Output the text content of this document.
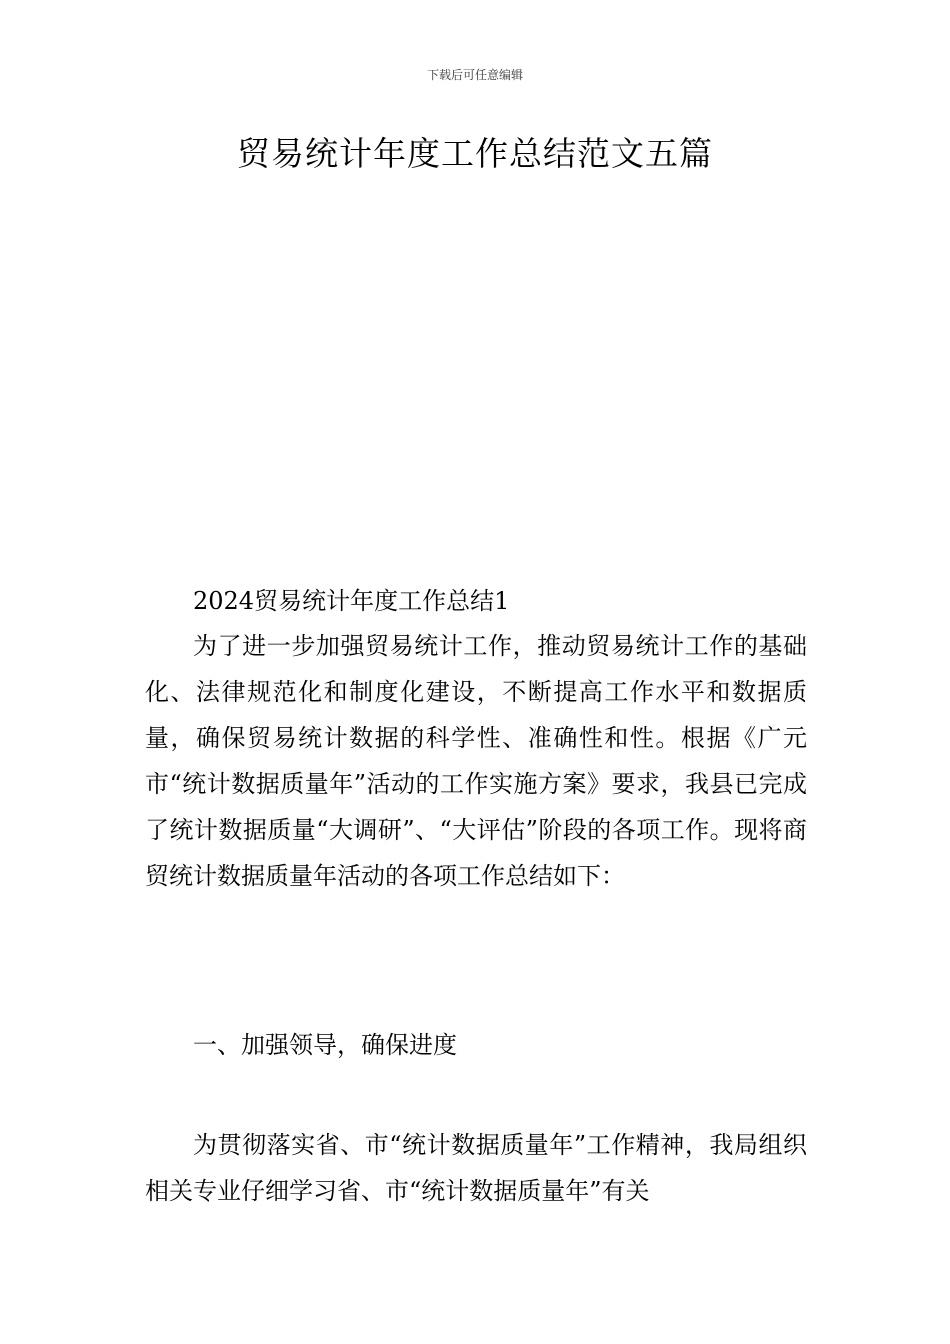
下载后可任意编辑
贸易统计年度工作总结范文五篇
2024贸易统计年度工作总结1

为了进一步加强贸易统计工作，推动贸易统计工作的基础化、法律规范化和制度化建设，不断提高工作水平和数据质量，确保贸易统计数据的科学性、准确性和性。根据《广元市“统计数据质量年”活动的工作实施方案》要求，我县已完成了统计数据质量“大调研”、“大评估”阶段的各项工作。现将商贸统计数据质量年活动的各项工作总结如下：

一、加强领导，确保进度

为贯彻落实省、市“统计数据质量年”工作精神，我局组织相关专业仔细学习省、市“统计数据质量年”有关
